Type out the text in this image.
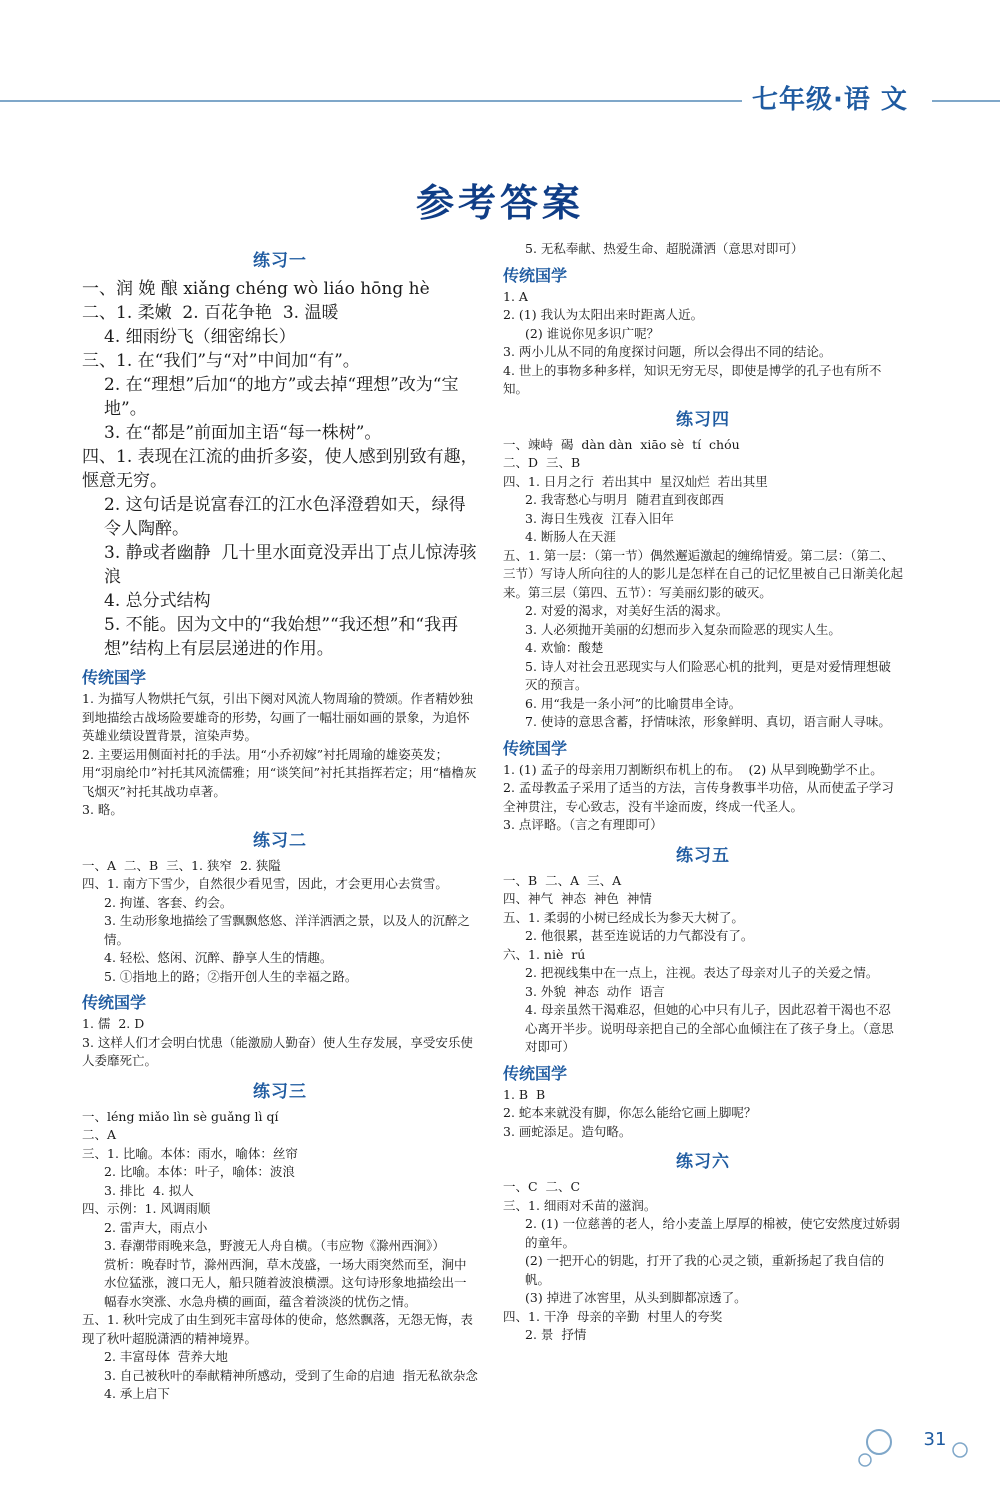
七年级·语 文
参考答案
练习一
一、润 娩 酿 xiǎng chéng wò liáo hōng hè
二、1. 柔嫩  2. 百花争艳  3. 温暖
4. 细雨纷飞（细密绵长）
三、1. 在“我们”与“对”中间加“有”。
2. 在“理想”后加“的地方”或去掉“理想”改为“宝地”。
3. 在“都是”前面加主语“每一株树”。
四、1. 表现在江流的曲折多姿，使人感到别致有趣，惬意无穷。
2. 这句话是说富春江的江水色泽澄碧如天，绿得令人陶醉。
3. 静或者幽静  几十里水面竟没弄出丁点儿惊涛骇浪
4. 总分式结构
5. 不能。因为文中的“我始想”“我还想”和“我再想”结构上有层层递进的作用。
传统国学
1. 为描写人物烘托气氛，引出下阕对风流人物周瑜的赞颂。作者精妙独到地描绘古战场险要雄奇的形势，勾画了一幅壮丽如画的景象，为追怀英雄业绩设置背景，渲染声势。
2. 主要运用侧面衬托的手法。用“小乔初嫁”衬托周瑜的雄姿英发；用“羽扇纶巾”衬托其风流儒雅；用“谈笑间”衬托其指挥若定；用“樯橹灰飞烟灭”衬托其战功卓著。
3. 略。
练习二
一、A  二、B  三、1. 狭窄  2. 狭隘
四、1. 南方下雪少，自然很少看见雪，因此，才会更用心去赏雪。
2. 拘谨、客套、约会。
3. 生动形象地描绘了雪飘飘悠悠、洋洋洒洒之景，以及人的沉醉之情。
4. 轻松、悠闲、沉醉、静享人生的情趣。
5. ①指地上的路；②指开创人生的幸福之路。
传统国学
1. 儒  2. D
3. 这样人们才会明白忧患（能激励人勤奋）使人生存发展，享受安乐使人委靡死亡。
练习三
一、léng miǎo lìn sè guǎng lì qí
二、A
三、1. 比喻。本体：雨水，喻体：丝帘
2. 比喻。本体：叶子，喻体：波浪
3. 排比  4. 拟人
四、示例：1. 风调雨顺
2. 雷声大，雨点小
3. 春潮带雨晚来急，野渡无人舟自横。（韦应物《滁州西涧》）
赏析：晚春时节，滁州西涧，草木茂盛，一场大雨突然而至，涧中水位猛涨，渡口无人，船只随着波浪横漂。这句诗形象地描绘出一幅春水突涨、水急舟横的画面，蕴含着淡淡的忧伤之情。
五、1. 秋叶完成了由生到死丰富母体的使命，悠然飘落，无怨无悔，表现了秋叶超脱潇洒的精神境界。
2. 丰富母体  营养大地
3. 自己被秋叶的奉献精神所感动，受到了生命的启迪  指无私欲杂念
4. 承上启下
5. 无私奉献、热爱生命、超脱潇洒（意思对即可）
传统国学
1. A
2. (1) 我认为太阳出来时距离人近。
(2) 谁说你见多识广呢？
3. 两小儿从不同的角度探讨问题，所以会得出不同的结论。
4. 世上的事物多种多样，知识无穷无尽，即使是博学的孔子也有所不知。
练习四
一、竦峙  碣  dàn dàn  xiāo sè  tí  chóu
二、D  三、B
四、1. 日月之行  若出其中  星汉灿烂  若出其里
2. 我寄愁心与明月  随君直到夜郎西
3. 海日生残夜  江春入旧年
4. 断肠人在天涯
五、1. 第一层：（第一节）偶然邂逅激起的缠绵情爱。第二层：（第二、三节）写诗人所向往的人的影儿是怎样在自己的记忆里被自己日渐美化起来。第三层（第四、五节）：写美丽幻影的破灭。
2. 对爱的渴求，对美好生活的渴求。
3. 人必须抛开美丽的幻想而步入复杂而险恶的现实人生。
4. 欢愉：酸楚
5. 诗人对社会丑恶现实与人们险恶心机的批判，更是对爱情理想破灭的预言。
6. 用“我是一条小河”的比喻贯串全诗。
7. 使诗的意思含蓄，抒情味浓，形象鲜明、真切，语言耐人寻味。
传统国学
1. (1) 孟子的母亲用刀割断织布机上的布。  (2) 从早到晚勤学不止。
2. 孟母教孟子采用了适当的方法，言传身教事半功倍，从而使孟子学习全神贯注，专心致志，没有半途而废，终成一代圣人。
3. 点评略。（言之有理即可）
练习五
一、B  二、A  三、A
四、神气  神态  神色  神情
五、1. 柔弱的小树已经成长为参天大树了。
2. 他很累，甚至连说话的力气都没有了。
六、1. niè  rú
2. 把视线集中在一点上，注视。表达了母亲对儿子的关爱之情。
3. 外貌  神态  动作  语言
4. 母亲虽然干渴难忍，但她的心中只有儿子，因此忍着干渴也不忍心离开半步。说明母亲把自己的全部心血倾注在了孩子身上。（意思对即可）
传统国学
1. B  B
2. 蛇本来就没有脚，你怎么能给它画上脚呢？
3. 画蛇添足。造句略。
练习六
一、C  二、C
三、1. 细雨对禾苗的滋润。
2. (1) 一位慈善的老人，给小麦盖上厚厚的棉被，使它安然度过娇弱的童年。
(2) 一把开心的钥匙，打开了我的心灵之锁，重新扬起了我自信的帆。
(3) 掉进了冰窖里，从头到脚都凉透了。
四、1. 干净  母亲的辛勤  村里人的夸奖
2. 景  抒情
31
